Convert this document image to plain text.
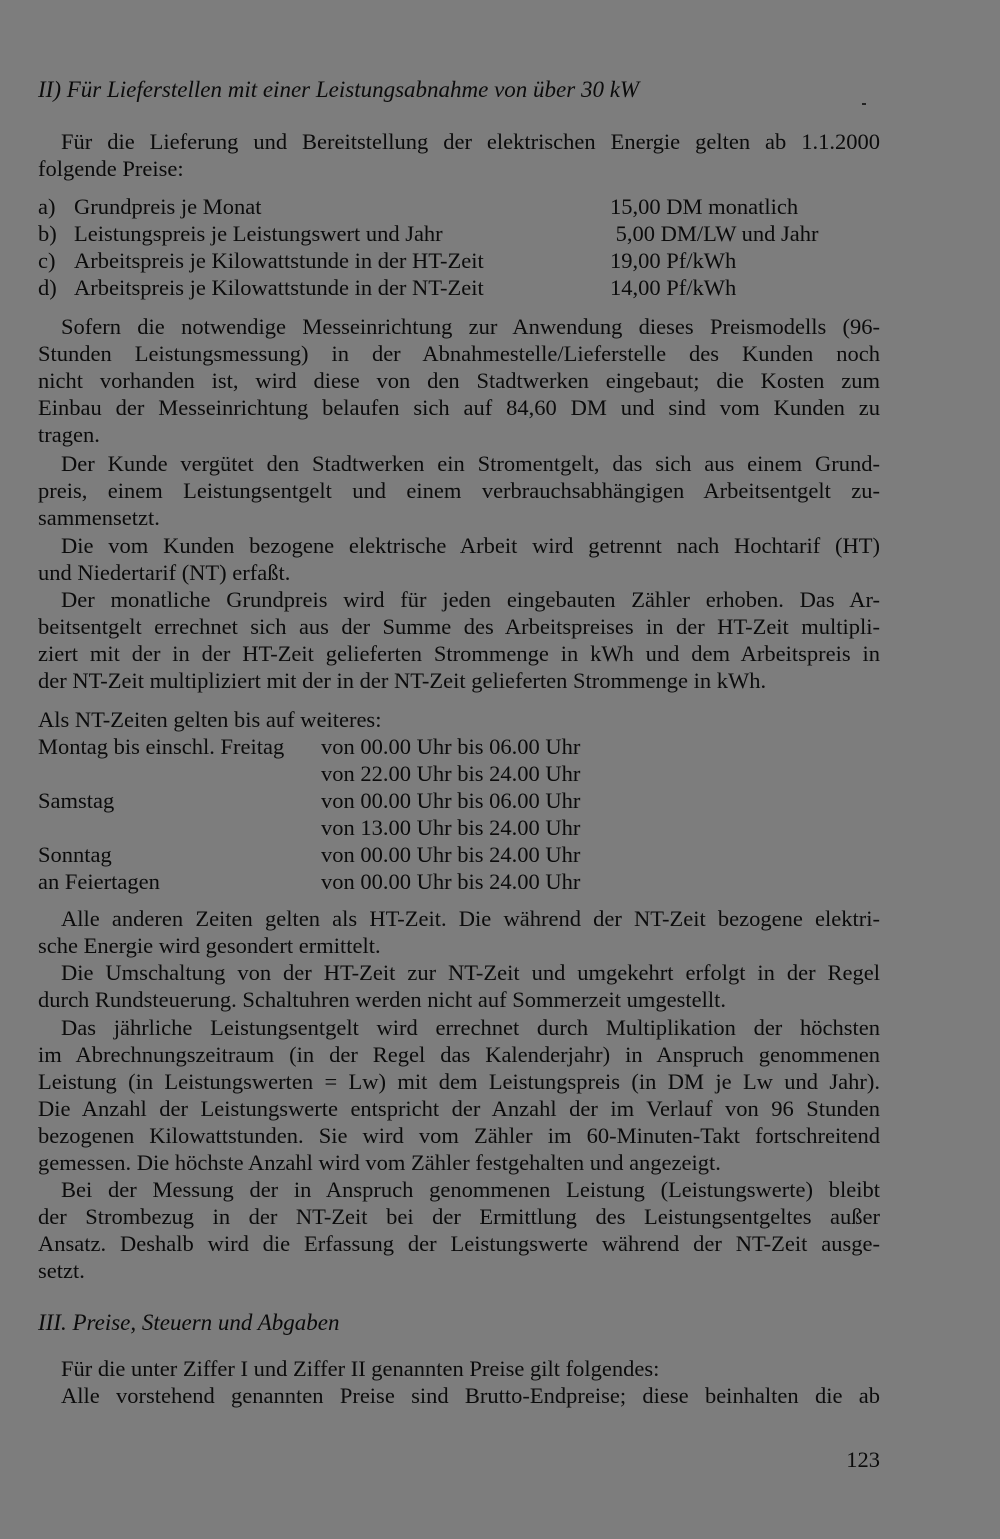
II) Für Lieferstellen mit einer Leistungsabnahme von über 30 kW
Für die Lieferung und Bereitstellung der elektrischen Energie gelten ab 1.1.2000
folgende Preise:
a) Grundpreis je Monat	15,00 DM monatlich
b) Leistungspreis je Leistungswert und Jahr	5,00 DM/LW und Jahr
c) Arbeitspreis je Kilowattstunde in der HT-Zeit	19,00 Pf/kWh
d) Arbeitspreis je Kilowattstunde in der NT-Zeit	14,00 Pf/kWh
Sofern die notwendige Messeinrichtung zur Anwendung dieses Preismodells (96-
Stunden Leistungsmessung) in der Abnahmestelle/Lieferstelle des Kunden noch
nicht vorhanden ist, wird diese von den Stadtwerken eingebaut; die Kosten zum
Einbau der Messeinrichtung belaufen sich auf 84,60 DM und sind vom Kunden zu
tragen.
Der Kunde vergütet den Stadtwerken ein Stromentgelt, das sich aus einem Grund-
preis, einem Leistungsentgelt und einem verbrauchsabhängigen Arbeitsentgelt zu-
sammensetzt.
Die vom Kunden bezogene elektrische Arbeit wird getrennt nach Hochtarif (HT)
und Niedertarif (NT) erfaßt.
Der monatliche Grundpreis wird für jeden eingebauten Zähler erhoben. Das Ar-
beitsentgelt errechnet sich aus der Summe des Arbeitspreises in der HT-Zeit multipli-
ziert mit der in der HT-Zeit gelieferten Strommenge in kWh und dem Arbeitspreis in
der NT-Zeit multipliziert mit der in der NT-Zeit gelieferten Strommenge in kWh.
Als NT-Zeiten gelten bis auf weiteres:
Montag bis einschl. Freitag von 00.00 Uhr bis 06.00 Uhr
von 22.00 Uhr bis 24.00 Uhr
Samstag	von 00.00 Uhr bis 06.00 Uhr
von 13.00 Uhr bis 24.00 Uhr
Sonntag	von 00.00 Uhr bis 24.00 Uhr
an Feiertagen	von 00.00 Uhr bis 24.00 Uhr
Alle anderen Zeiten gelten als HT-Zeit. Die während der NT-Zeit bezogene elektri-
sche Energie wird gesondert ermittelt.
Die Umschaltung von der HT-Zeit zur NT-Zeit und umgekehrt erfolgt in der Regel
durch Rundsteuerung. Schaltuhren werden nicht auf Sommerzeit umgestellt.
Das jährliche Leistungsentgelt wird errechnet durch Multiplikation der höchsten
im Abrechnungszeitraum (in der Regel das Kalenderjahr) in Anspruch genommenen
Leistung (in Leistungswerten = Lw) mit dem Leistungspreis (in DM je Lw und Jahr).
Die Anzahl der Leistungswerte entspricht der Anzahl der im Verlauf von 96 Stunden
bezogenen Kilowattstunden. Sie wird vom Zähler im 60-Minuten-Takt fortschreitend
gemessen. Die höchste Anzahl wird vom Zähler festgehalten und angezeigt.
Bei der Messung der in Anspruch genommenen Leistung (Leistungswerte) bleibt
der Strombezug in der NT-Zeit bei der Ermittlung des Leistungsentgeltes außer
Ansatz. Deshalb wird die Erfassung der Leistungswerte während der NT-Zeit ausge-
setzt.
III. Preise, Steuern und Abgaben
Für die unter Ziffer I und Ziffer II genannten Preise gilt folgendes:
Alle vorstehend genannten Preise sind Brutto-Endpreise; diese beinhalten die ab
123
